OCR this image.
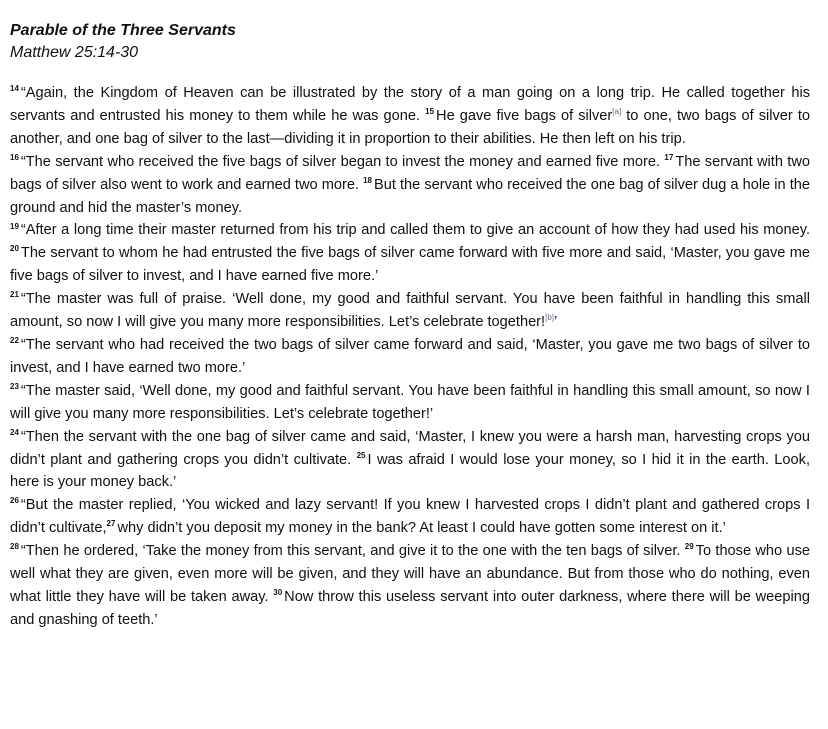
Parable of the Three Servants

Matthew 25:14-30

$^{14}$ “Again, the Kingdom of Heaven can be illustrated by the story of a man going on a long trip. He called together his servants and entrusted his money to them while he was gone. $^{15}$ He gave five bags of silver[a] to one, two bags of silver to another, and one bag of silver to the last—dividing it in proportion to their abilities. He then left on his trip.

$^{16}$ “The servant who received the five bags of silver began to invest the money and earned five more. $^{17}$ The servant with two bags of silver also went to work and earned two more. $^{18}$ But the servant who received the one bag of silver dug a hole in the ground and hid the master’s money.

$^{19}$ “After a long time their master returned from his trip and called them to give an account of how they had used his money. $^{20}$ The servant to whom he had entrusted the five bags of silver came forward with five more and said, ‘Master, you gave me five bags of silver to invest, and I have earned five more.’

$^{21}$ “The master was full of praise. ‘Well done, my good and faithful servant. You have been faithful in handling this small amount, so now I will give you many more responsibilities. Let’s celebrate together![b]’

$^{22}$ “The servant who had received the two bags of silver came forward and said, ‘Master, you gave me two bags of silver to invest, and I have earned two more.’

$^{23}$ “The master said, ‘Well done, my good and faithful servant. You have been faithful in handling this small amount, so now I will give you many more responsibilities. Let’s celebrate together!’

$^{24}$ “Then the servant with the one bag of silver came and said, ‘Master, I knew you were a harsh man, harvesting crops you didn’t plant and gathering crops you didn’t cultivate. $^{25}$ I was afraid I would lose your money, so I hid it in the earth. Look, here is your money back.’

$^{26}$ “But the master replied, ‘You wicked and lazy servant! If you knew I harvested crops I didn’t plant and gathered crops I didn’t cultivate,$^{27}$ why didn’t you deposit my money in the bank? At least I could have gotten some interest on it.’

$^{28}$ “Then he ordered, ‘Take the money from this servant, and give it to the one with the ten bags of silver. $^{29}$ To those who use well what they are given, even more will be given, and they will have an abundance. But from those who do nothing, even what little they have will be taken away. $^{30}$ Now throw this useless servant into outer darkness, where there will be weeping and gnashing of teeth.’
